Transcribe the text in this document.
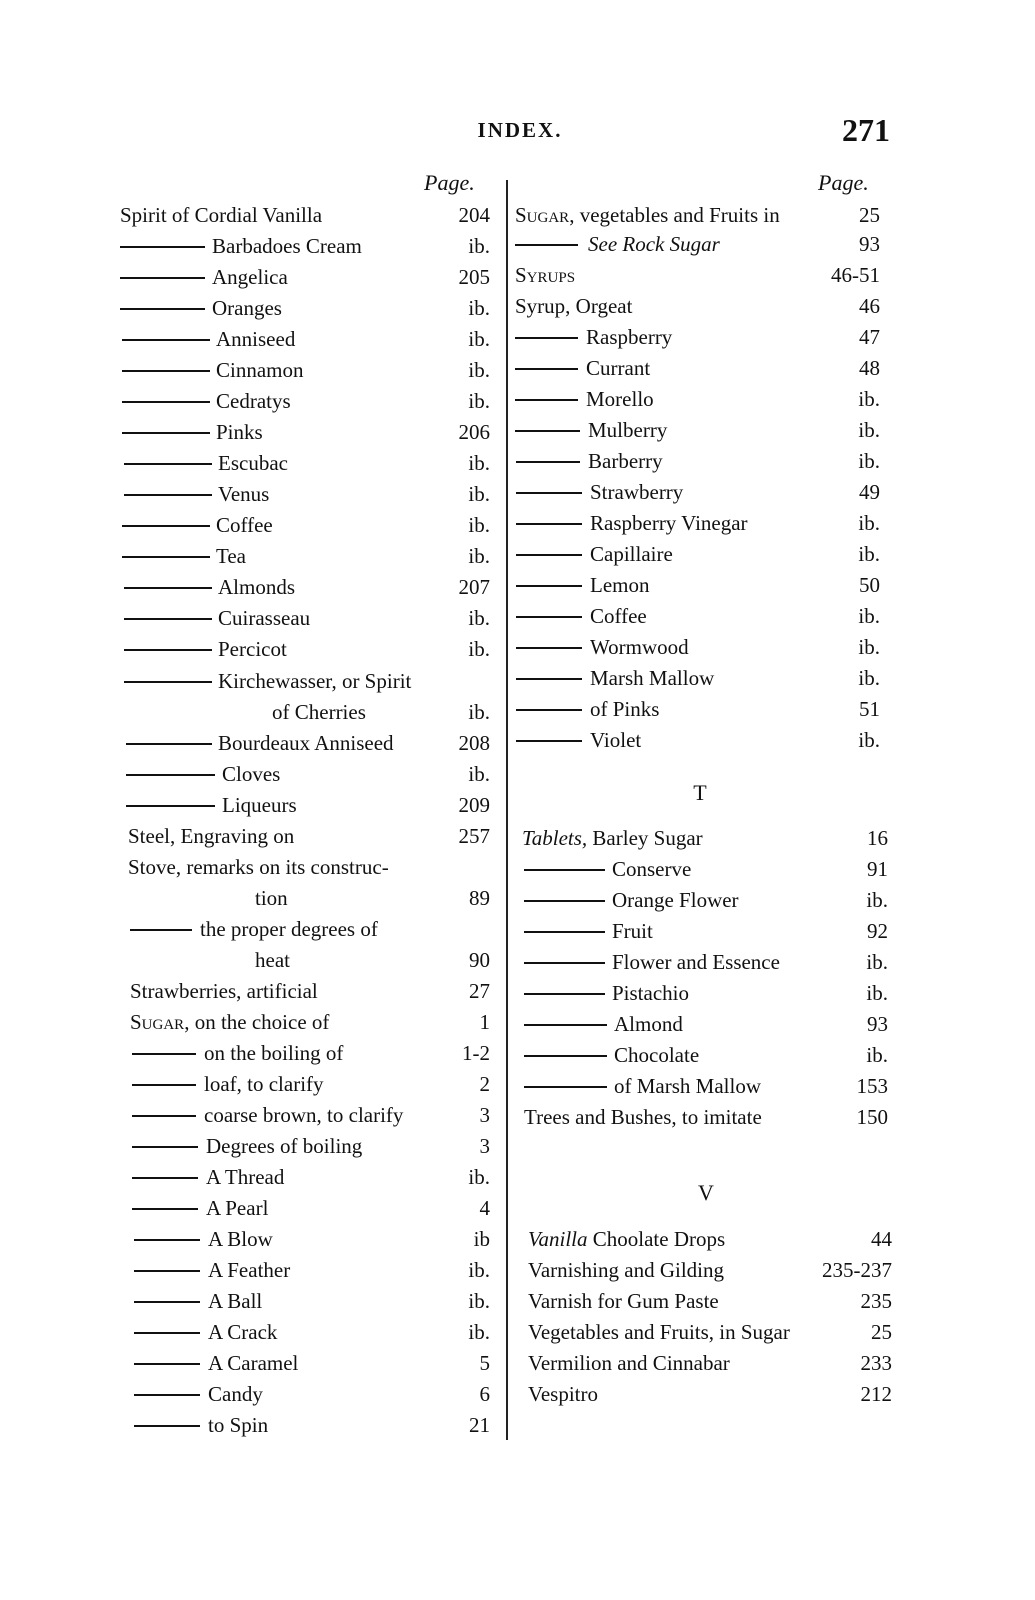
INDEX.	271
Page.	Page.
Spirit of Cordial Vanilla	204
Barbadoes Cream	ib.
Angelica	205
Oranges	ib.
Anniseed	ib.
Cinnamon	ib.
Cedratys	ib.
Pinks	206
Escubac	ib.
Venus	ib.
Coffee	ib.
Tea	ib.
Almonds	207
Cuirasseau	ib.
Percicot	ib.
Kirchewasser, or Spirit
of Cherries	ib.
Bourdeaux Anniseed	208
Cloves	ib.
Liqueurs	209
Steel, Engraving on	257
Stove, remarks on its construc-
tion	89
the proper degrees of
heat	90
Strawberries, artificial	27
Sugar, on the choice of	1
on the boiling of	1-2
loaf, to clarify	2
coarse brown, to clarify	3
Degrees of boiling	3
A Thread	ib.
A Pearl	4
A Blow	ib
A Feather	ib.
A Ball	ib.
A Crack	ib.
A Caramel	5
Candy	6
to Spin	21
Sugar, vegetables and Fruits in	25
See Rock Sugar	93
Syrups	46-51
Syrup, Orgeat	46
Raspberry	47
Currant	48
Morello	ib.
Mulberry	ib.
Barberry	ib.
Strawberry	49
Raspberry Vinegar	ib.
Capillaire	ib.
Lemon	50
Coffee	ib.
Wormwood	ib.
Marsh Mallow	ib.
of Pinks	51
Violet	ib.
Tablets, Barley Sugar	16
Conserve	91
Orange Flower	ib.
Fruit	92
Flower and Essence	ib.
Pistachio	ib.
Almond	93
Chocolate	ib.
of Marsh Mallow	153
Trees and Bushes, to imitate	150
Vanilla Choolate Drops	44
Varnishing and Gilding	235-237
Varnish for Gum Paste	235
Vegetables and Fruits, in Sugar	25
Vermilion and Cinnabar	233
Vespitro	212
T
V
